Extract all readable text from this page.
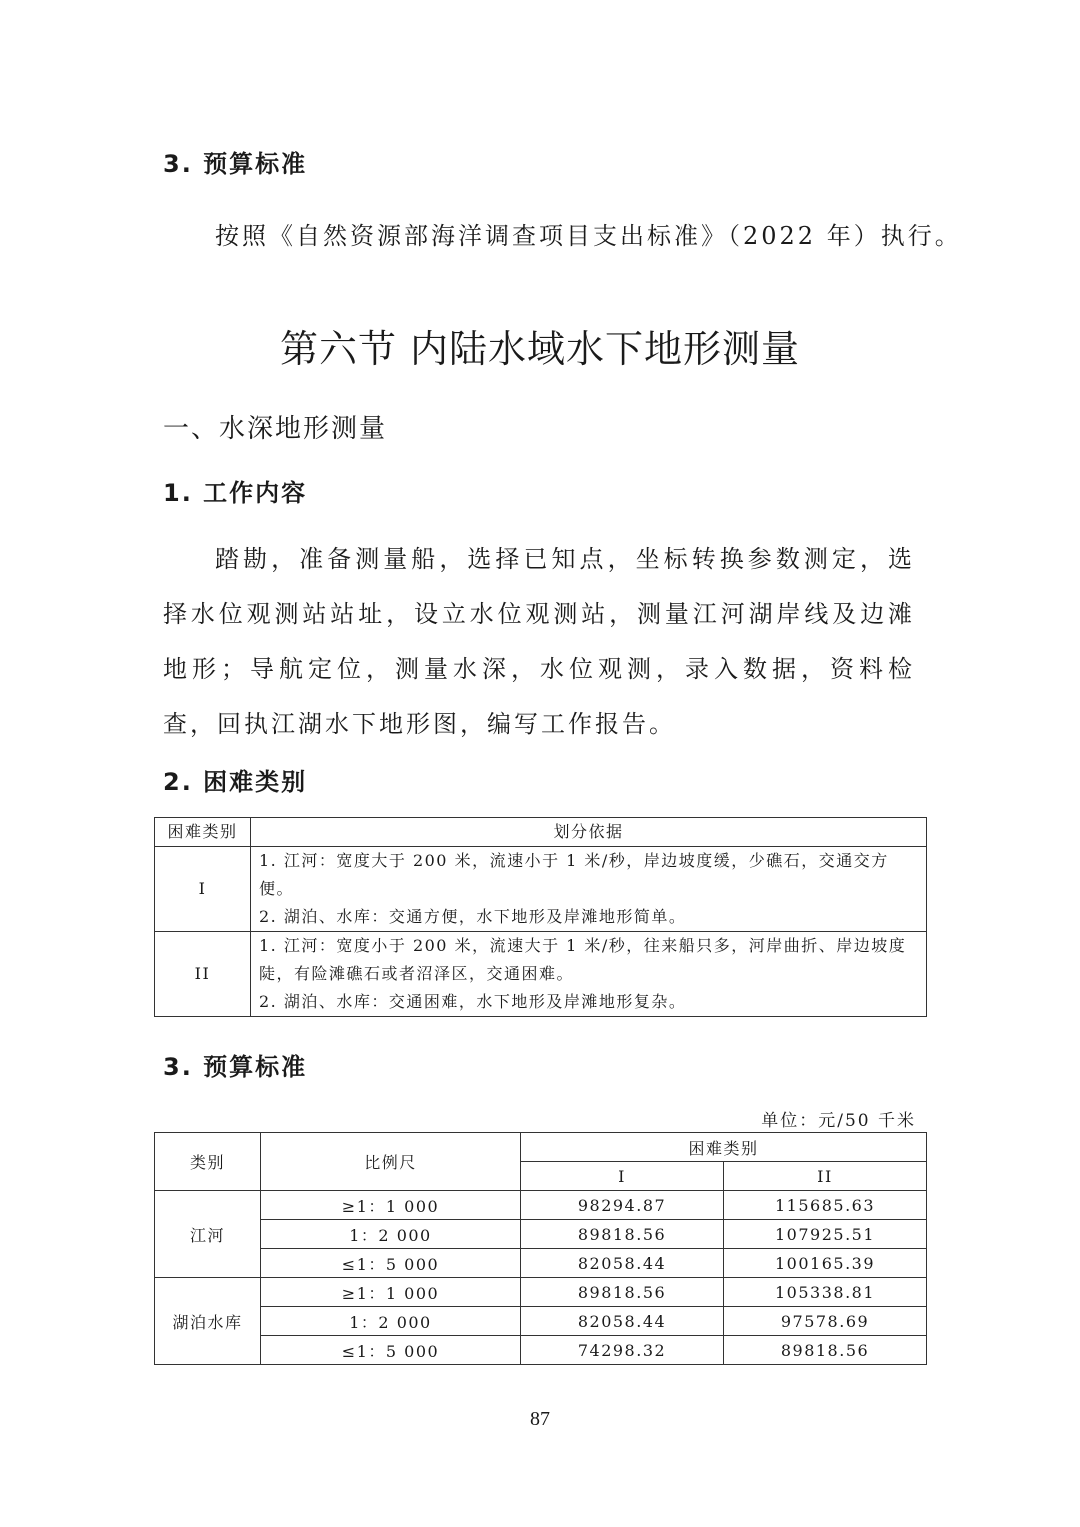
3. 预算标准
按照《自然资源部海洋调查项目支出标准》（2022 年）执行。
第六节 内陆水域水下地形测量
一、水深地形测量
1. 工作内容
踏勘，准备测量船，选择已知点，坐标转换参数测定，选择水位观测站站址，设立水位观测站，测量江河湖岸线及边滩地形；导航定位，测量水深，水位观测，录入数据，资料检查，回执江湖水下地形图，编写工作报告。
2. 困难类别
困难类别	划分依据
I	1. 江河：宽度大于 200 米，流速小于 1 米/秒，岸边坡度缓，少礁石，交通交方便。
2. 湖泊、水库：交通方便，水下地形及岸滩地形简单。

II	1. 江河：宽度小于 200 米，流速大于 1 米/秒，往来船只多，河岸曲折、岸边坡度陡，有险滩礁石或者沼泽区，交通困难。
2. 湖泊、水库：交通困难，水下地形及岸滩地形复杂。
3. 预算标准
单位：元/50 千米
类别	比例尺	困难类别	
		I	II
江河	≥1：1 000	98294.87	115685.63
	1：2 000	89818.56	107925.51
	≤1：5 000	82058.44	100165.39
湖泊水库	≥1：1 000	89818.56	105338.81
	1：2 000	82058.44	97578.69
	≤1：5 000	74298.32	89818.56
87
